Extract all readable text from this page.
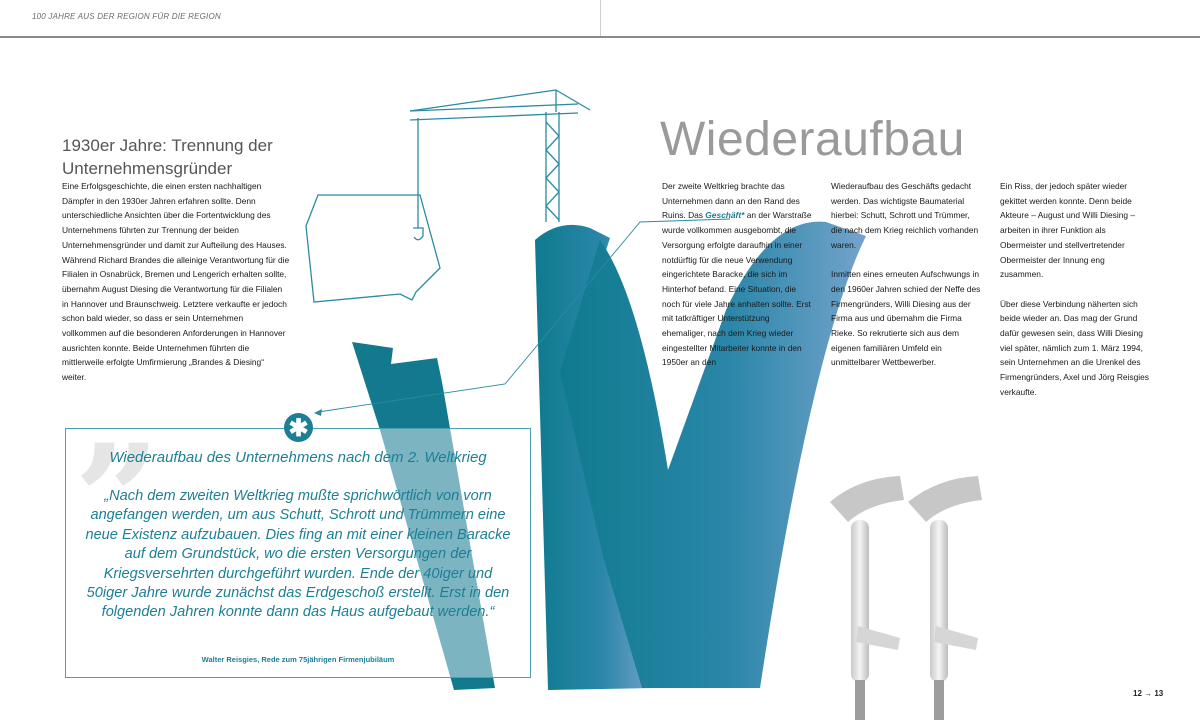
100 JAHRE AUS DER REGION FÜR DIE REGION
1930er Jahre: Trennung der Unternehmensgründer

Eine Erfolgsgeschichte, die einen ersten nachhaltigen Dämpfer in den 1930er Jahren erfahren sollte. Denn unterschiedliche Ansichten über die Fortentwicklung des Unternehmens führten zur Trennung der beiden Unternehmensgründer und damit zur Aufteilung des Hauses. Während Richard Brandes die alleinige Verantwortung für die Filialen in Osnabrück, Bremen und Lengerich erhalten sollte, übernahm August Diesing die Verantwortung für die Filialen in Hannover und Braunschweig. Letztere verkaufte er jedoch schon bald wieder, so dass er sein Unternehmen vollkommen auf die besonderen Anforderungen in Hannover ausrichten konnte. Beide Unternehmen führten die mittlerweile erfolgte Umfirmierung „Brandes & Diesing“ weiter.

Wiederaufbau

Der zweite Weltkrieg brachte das Unternehmen dann an den Rand des Ruins. Das Geschäft* an der Warstraße wurde vollkommen ausgebombt, die Versorgung erfolgte daraufhin in einer notdürftig für die neue Verwendung eingerichtete Baracke, die sich im Hinterhof befand. Eine Situation, die noch für viele Jahre anhalten sollte. Erst mit tatkräftiger Unterstützung ehemaliger, nach dem Krieg wieder eingestellter Mitarbeiter konnte in den 1950er an den

Wiederaufbau des Geschäfts gedacht werden. Das wichtigste Baumaterial hierbei: Schutt, Schrott und Trümmer, die nach dem Krieg reichlich vorhanden waren.

Inmitten eines erneuten Aufschwungs in den 1960er Jahren schied der Neffe des Firmengründers, Willi Diesing aus der Firma aus und übernahm die Firma Rieke. So rekrutierte sich aus dem eigenen familiären Umfeld ein unmittelbarer Wettbewerber.

Ein Riss, der jedoch später wieder gekittet werden konnte. Denn beide Akteure – August und Willi Diesing – arbeiten in ihrer Funktion als Obermeister und stellvertretender Obermeister der Innung eng zusammen.

Über diese Verbindung näherten sich beide wieder an. Das mag der Grund dafür gewesen sein, dass Willi Diesing viel später, nämlich zum 1. März 1994, sein Unternehmen an die Urenkel des Firmengründers, Axel und Jörg Reisgies verkaufte.

✱
”
Wiederaufbau des Unternehmens nach dem 2. Weltkrieg
„Nach dem zweiten Weltkrieg mußte sprichwörtlich von vorn angefangen werden, um aus Schutt, Schrott und Trümmern eine neue Existenz aufzubauen. Dies fing an mit einer kleinen Baracke auf dem Grundstück, wo die ersten Versorgungen der Kriegsversehrten durchgeführt wurden. Ende der 40iger und 50iger Jahre wurde zunächst das Erdgeschoß erstellt. Erst in den folgenden Jahren konnte dann das Haus aufgebaut werden.“
Walter Reisgies, Rede zum 75jährigen Firmenjubiläum
12 → 13
